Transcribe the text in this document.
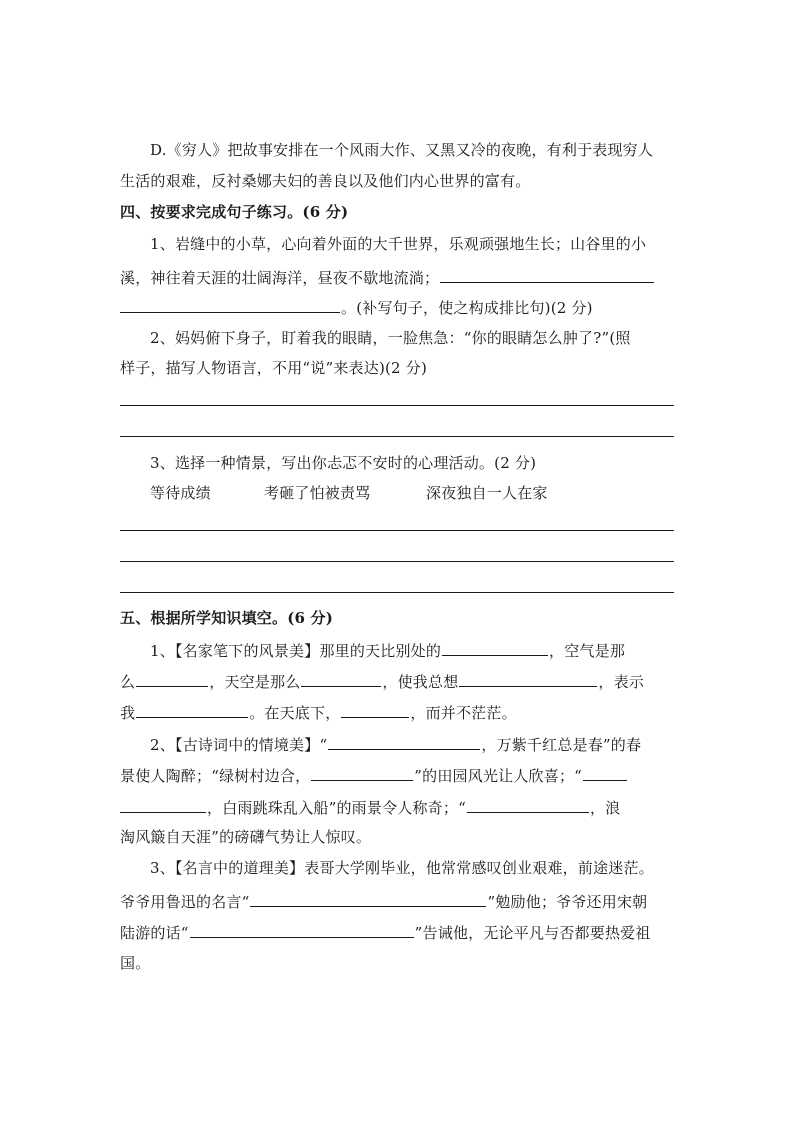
D.《穷人》把故事安排在一个风雨大作、又黑又冷的夜晚，有利于表现穷人
生活的艰难，反衬桑娜夫妇的善良以及他们内心世界的富有。
四、按要求完成句子练习。(6 分)
1、岩缝中的小草，心向着外面的大千世界，乐观顽强地生长；山谷里的小
溪，神往着天涯的壮阔海洋，昼夜不歇地流淌；
。(补写句子，使之构成排比句)(2 分)
2、妈妈俯下身子，盯着我的眼睛，一脸焦急：“你的眼睛怎么肿了?”(照
样子，描写人物语言，不用“说”来表达)(2 分)
3、选择一种情景，写出你忐忑不安时的心理活动。(2 分)
等待成绩	考砸了怕被责骂	深夜独自一人在家
五、根据所学知识填空。(6 分)
1、【名家笔下的风景美】那里的天比别处的	，空气是那
么	，天空是那么	，使我总想	，表示
我	。在天底下，	，而并不茫茫。
2、【古诗词中的情境美】“	，万紫千红总是春”的春
景使人陶醉；“绿树村边合，	”的田园风光让人欣喜；“
，白雨跳珠乱入船”的雨景令人称奇；“	，浪
淘风簸自天涯”的磅礴气势让人惊叹。
3、【名言中的道理美】表哥大学刚毕业，他常常感叹创业艰难，前途迷茫。
爷爷用鲁迅的名言“	”勉励他；爷爷还用宋朝
陆游的话“	”告诫他，无论平凡与否都要热爱祖
国。
